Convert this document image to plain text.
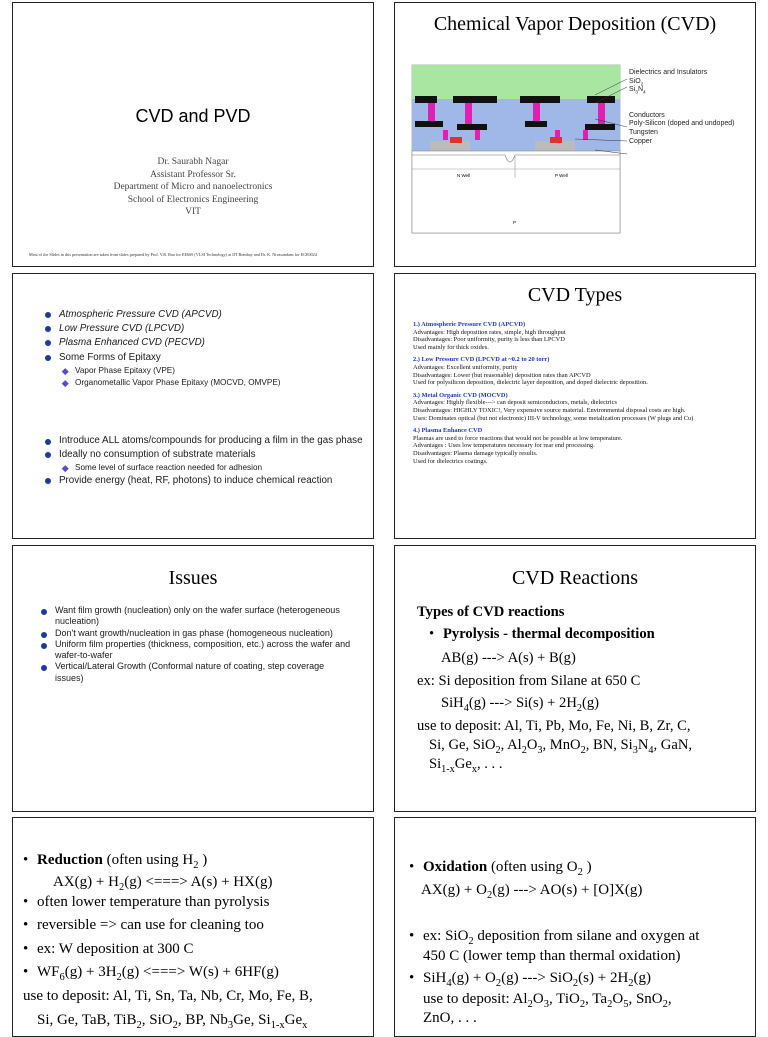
CVD and PVD
Dr. Saurabh Nagar
Assistant Professor Sr.
Department of Micro and nanoelectronics
School of Electronics Engineering
VIT
Most of the Slides in this presentation are taken from slides prepared by Prof. V.R. Rao for EE669 (VLSI Technology) at IIT Bombay and Dr. K. Nivasandans for ECE0024
Chemical Vapor Deposition (CVD)
N Well	P Well
P
Dielectrics and Insulators
SiO$_2$
$Si_3N_4$
Conductors
Poly-Silicon (doped and undoped)
Tungsten
Copper
Atmospheric Pressure CVD (APCVD)
Low Pressure CVD (LPCVD)
Plasma Enhanced CVD (PECVD)
Some Forms of Epitaxy
Vapor Phase Epitaxy (VPE)
Organometallic Vapor Phase Epitaxy (MOCVD, OMVPE)
Introduce ALL atoms/compounds for producing a film in the gas phase
Ideally no consumption of substrate materials
Some level of surface reaction needed for adhesion
Provide energy (heat, RF, photons) to induce chemical reaction
CVD Types
1.) Atmospheric Pressure CVD (APCVD)
Advantages: High deposition rates, simple, high throughput
Disadvantages: Poor uniformity, purity is less than LPCVD
Used mainly for thick oxides.
2.) Low Pressure CVD (LPCVD at ~0.2 to 20 torr)
Advantages: Excellent uniformity, purity
Disadvantages: Lower (but reasonable) deposition rates than APCVD
Used for polysilicon deposition, dielectric layer deposition, and doped dielectric deposition.
3.) Metal Organic CVD (MOCVD)
Advantages: Highly flexible---> can deposit semiconductors, metals, dielectrics
Disadvantages: HIGHLY TOXIC!, Very expensive source material. Environmental disposal costs are high.
Uses: Dominates optical (but not electronic) III-V technology, some metalization processes (W plugs and Cu)
4.) Plasma Enhance CVD
Plasmas are used to force reactions that would not be possible at low temperature.
Advantages : Uses low temperatures necessary for rear end processing.
Disadvantages: Plasma damage typically results.
Used for dielectrics coatings.
Issues
Want film growth (nucleation) only on the wafer surface (heterogeneous nucleation)
Don't want growth/nucleation in gas phase (homogeneous nucleation)
Uniform film properties (thickness, composition, etc.) across the wafer and wafer-to-wafer
Vertical/Lateral Growth (Conformal nature of coating, step coverage issues)
CVD Reactions
Types of CVD reactions
• Pyrolysis - thermal decomposition
AB(g) ---> A(s) + B(g)
ex: Si deposition from Silane at 650 C
SiH$_4$(g) ---> $Si(s) + 2H_2(g)$
use to deposit: Al, Ti, Pb, Mo, Fe, Ni, B, Zr, C,
Si, Ge, SiO$_2$, $Al_2O_3$, MnO$_2$, BN, $Si_3N_4$, GaN,
$Si_{1-x}Ge_x$, . . .
• Reduction (often using $H_2$ )
$AX(g) + H_2(g)$ <===> A(s) + HX(g)
• often lower temperature than pyrolysis
• reversible => can use for cleaning too
• ex: W deposition at 300 C
• $WF_6(g) + 3H_2(g)$ <===> W(s) + 6HF(g)
use to deposit: Al, Ti, Sn, Ta, Nb, Cr, Mo, Fe, B,
Si, Ge, TaB, TiB$_2$, SiO$_2$, BP, $Nb_3Ge$, $Si_{1-x}Ge_x$
• Oxidation (often using $O_2$ )
$AX(g) + O_2(g)$ ---> AO(s) + [O]X(g)
• ex: SiO$_2$ deposition from silane and oxygen at
450 C (lower temp than thermal oxidation)
• $SiH_4(g) + O_2(g)$ ---> $SiO_2(s) + 2H_2(g)$
use to deposit: $Al_2O_3$, TiO$_2$, $Ta_2O_5$, SnO$_2$,
ZnO, . . .
